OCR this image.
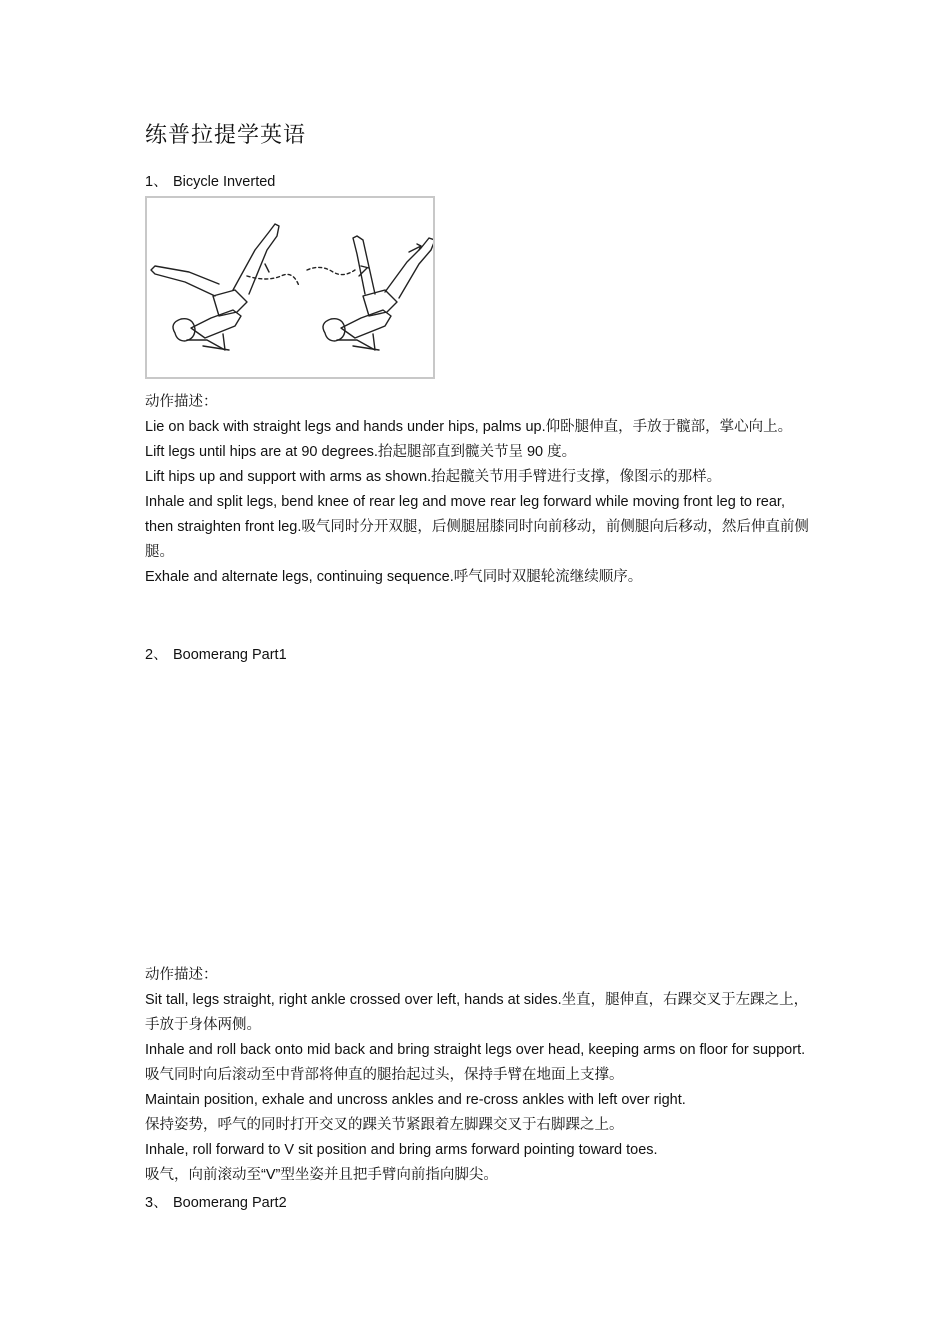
练普拉提学英语
1、 Bicycle Inverted

动作描述：

Lie on back with straight legs and hands under hips, palms up.仰卧腿伸直，手放于髋部，掌心向上。

Lift legs until hips are at 90 degrees.抬起腿部直到髋关节呈 90 度。

Lift hips up and support with arms as shown.抬起髋关节用手臂进行支撑，像图示的那样。

Inhale and split legs, bend knee of rear leg and move rear leg forward while moving front leg to rear, then straighten front leg.吸气同时分开双腿，后侧腿屈膝同时向前移动，前侧腿向后移动，然后伸直前侧腿。

Exhale and alternate legs, continuing sequence.呼气同时双腿轮流继续顺序。

2、 Boomerang Part1

动作描述：

Sit tall, legs straight, right ankle crossed over left, hands at sides.坐直，腿伸直，右踝交叉于左踝之上，手放于身体两侧。

Inhale and roll back onto mid back and bring straight legs over head, keeping arms on floor for support.吸气同时向后滚动至中背部将伸直的腿抬起过头，保持手臂在地面上支撑。

Maintain position, exhale and uncross ankles and re-cross ankles with left over right.

保持姿势，呼气的同时打开交叉的踝关节紧跟着左脚踝交叉于右脚踝之上。

Inhale, roll forward to V sit position and bring arms forward pointing toward toes.

吸气，向前滚动至“V”型坐姿并且把手臂向前指向脚尖。

3、 Boomerang Part2
